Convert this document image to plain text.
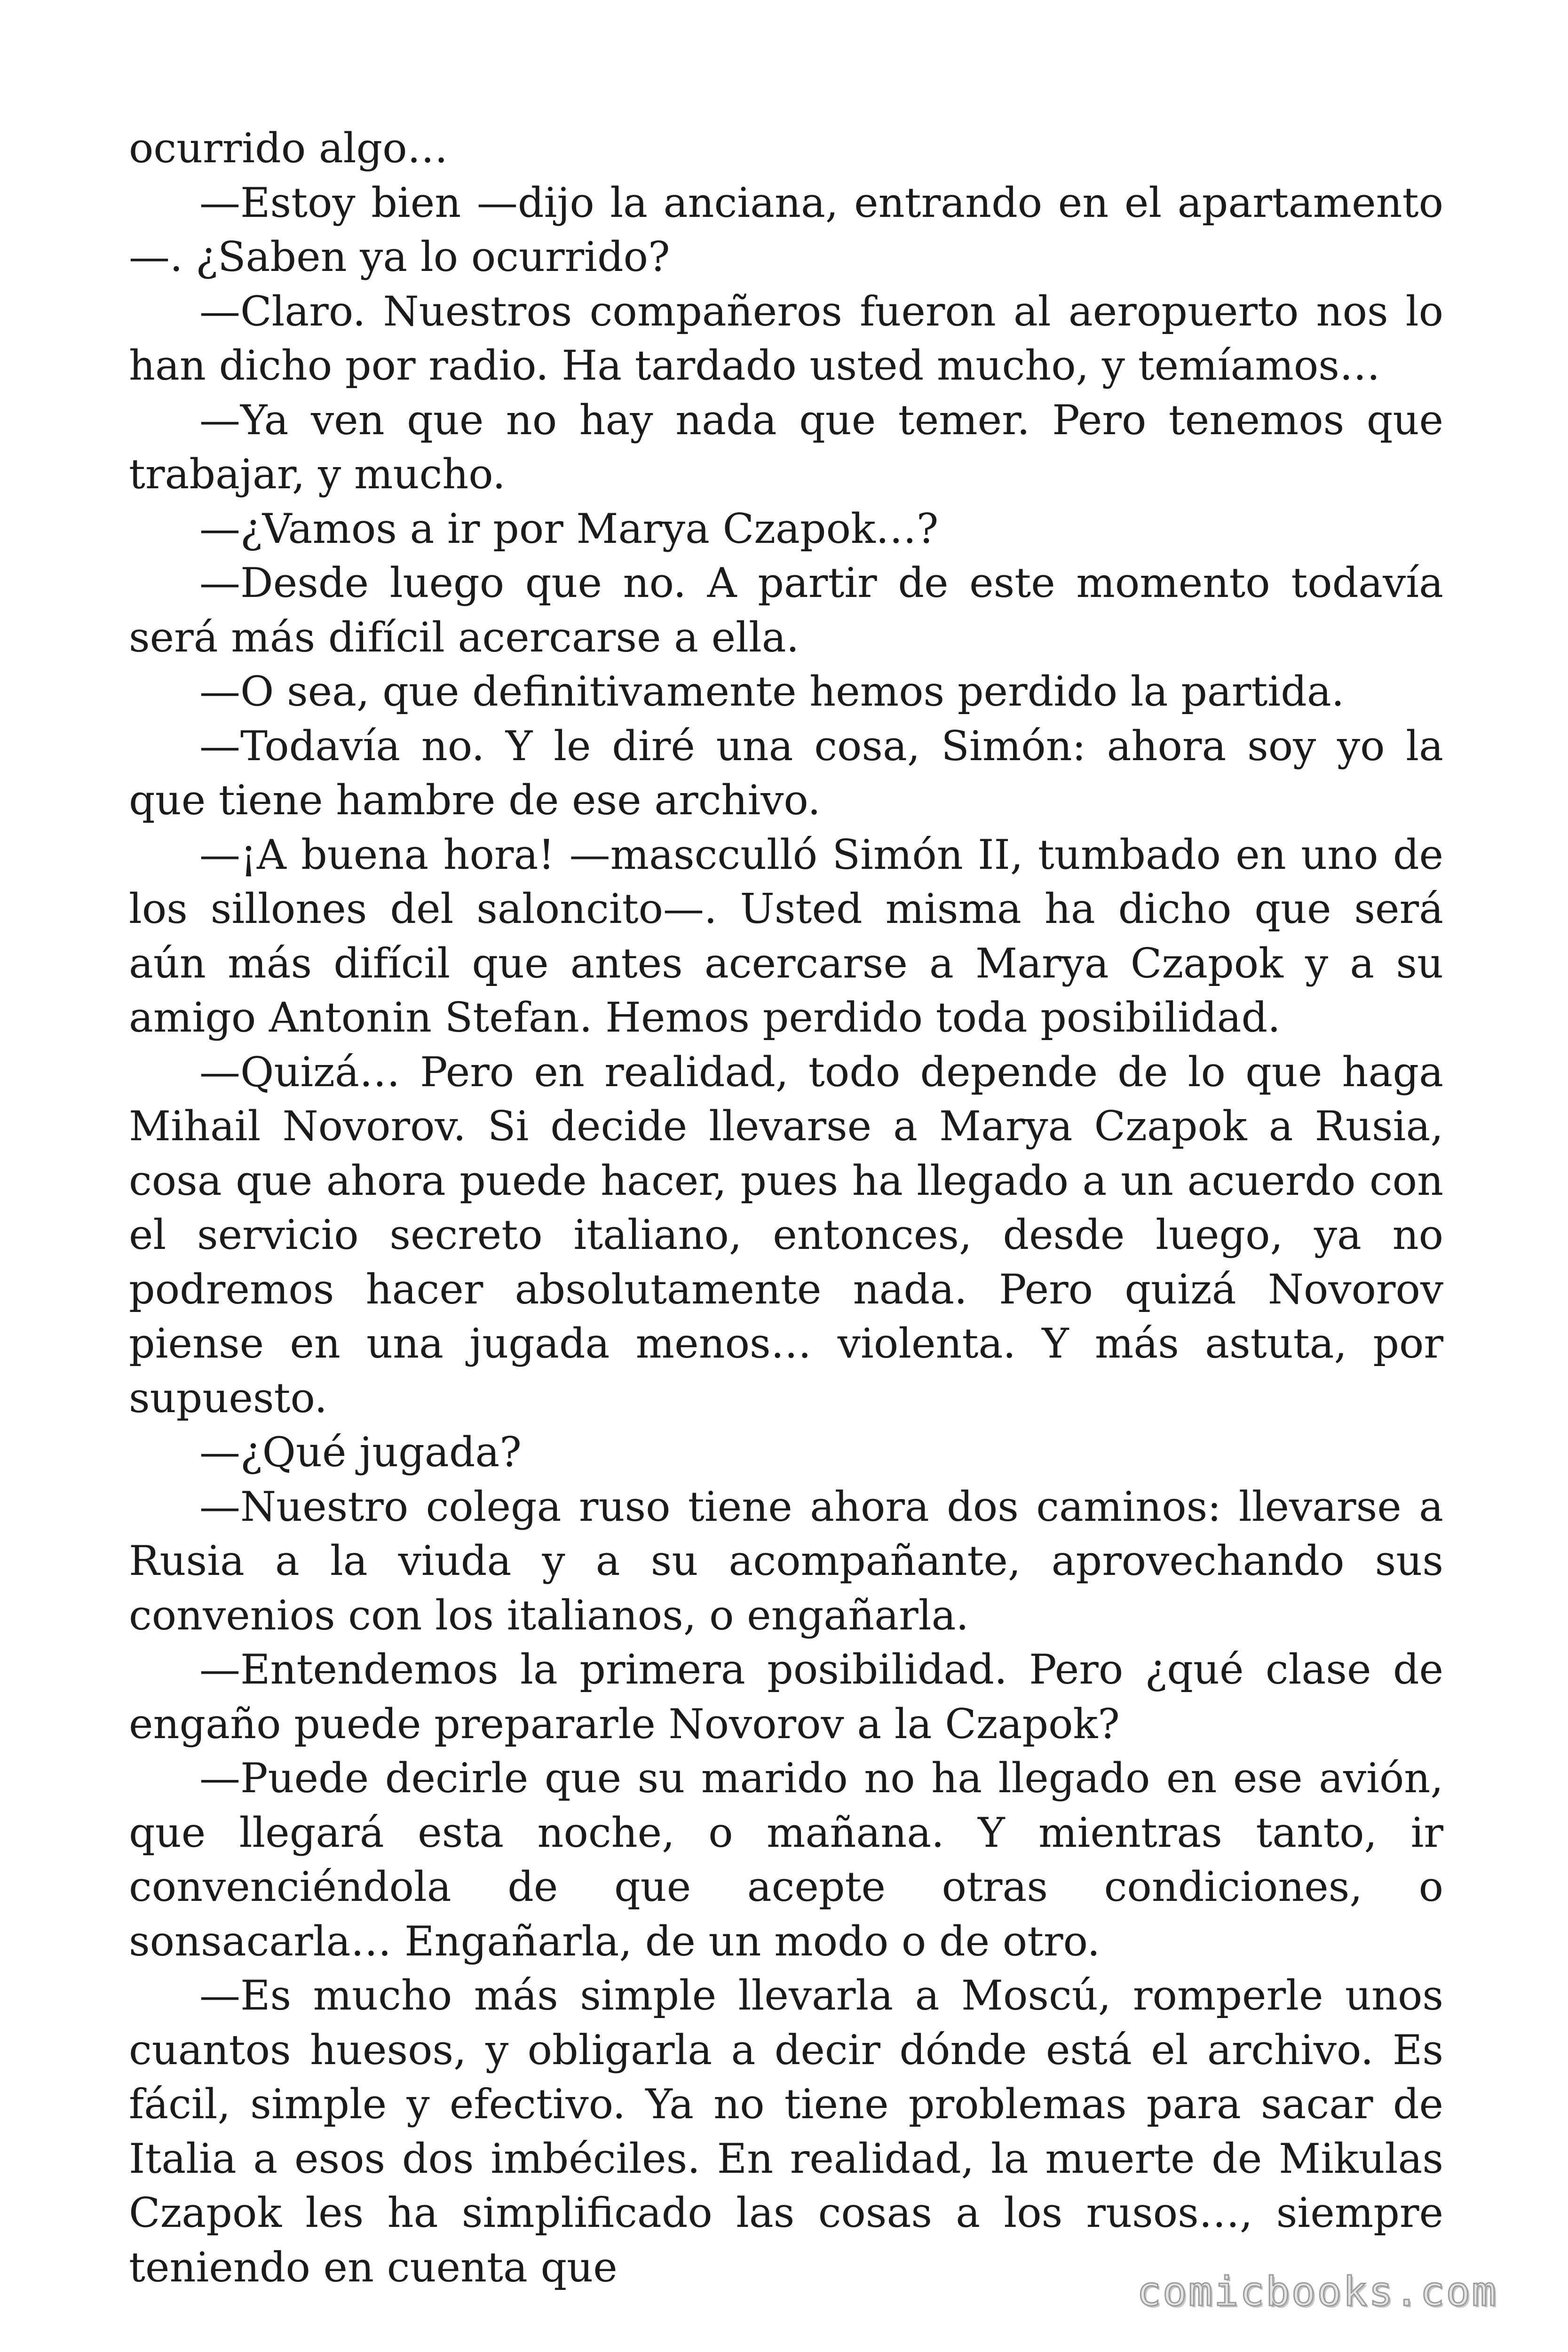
ocurrido algo…

—Estoy bien —dijo la anciana, entrando en el apartamento—. ¿Saben ya lo ocurrido?

—Claro. Nuestros compañeros fueron al aeropuerto nos lo han dicho por radio. Ha tardado usted mucho, y temíamos…

—Ya ven que no hay nada que temer. Pero tenemos que trabajar, y mucho.

—¿Vamos a ir por Marya Czapok…?

—Desde luego que no. A partir de este momento todavía será más difícil acercarse a ella.

—O sea, que definitivamente hemos perdido la partida.

—Todavía no. Y le diré una cosa, Simón: ahora soy yo la que tiene hambre de ese archivo.

—¡A buena hora! —mascculló Simón II, tumbado en uno de los sillones del saloncito—. Usted misma ha dicho que será aún más difícil que antes acercarse a Marya Czapok y a su amigo Antonin Stefan. Hemos perdido toda posibilidad.

—Quizá… Pero en realidad, todo depende de lo que haga Mihail Novorov. Si decide llevarse a Marya Czapok a Rusia, cosa que ahora puede hacer, pues ha llegado a un acuerdo con el servicio secreto italiano, entonces, desde luego, ya no podremos hacer absolutamente nada. Pero quizá Novorov piense en una jugada menos… violenta. Y más astuta, por supuesto.

—¿Qué jugada?

—Nuestro colega ruso tiene ahora dos caminos: llevarse a Rusia a la viuda y a su acompañante, aprovechando sus convenios con los italianos, o engañarla.

—Entendemos la primera posibilidad. Pero ¿qué clase de engaño puede prepararle Novorov a la Czapok?

—Puede decirle que su marido no ha llegado en ese avión, que llegará esta noche, o mañana. Y mientras tanto, ir convenciéndola de que acepte otras condiciones, o sonsacarla… Engañarla, de un modo o de otro.

—Es mucho más simple llevarla a Moscú, romperle unos cuantos huesos, y obligarla a decir dónde está el archivo. Es fácil, simple y efectivo. Ya no tiene problemas para sacar de Italia a esos dos imbéciles. En realidad, la muerte de Mikulas Czapok les ha simplificado las cosas a los rusos…, siempre teniendo en cuenta que

comicbooks.com
